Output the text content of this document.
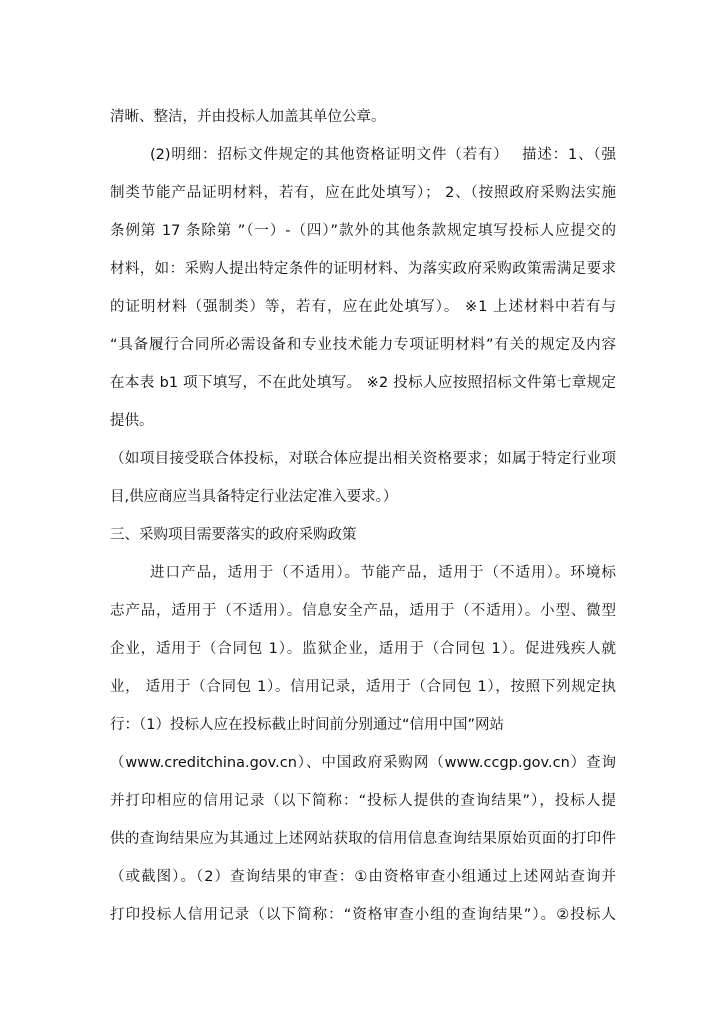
清晰、整洁，并由投标人加盖其单位公章。
(2)明细：招标文件规定的其他资格证明文件（若有）　 描述：1、（强
制类节能产品证明材料，若有，应在此处填写）； 2、（按照政府采购法实施
条例第 17 条除第 ”（一）-（四）”款外的其他条款规定填写投标人应提交的
材料，如：采购人提出特定条件的证明材料、为落实政府采购政策需满足要求
的证明材料（强制类）等，若有，应在此处填写）。 ※1 上述材料中若有与
“具备履行合同所必需设备和专业技术能力专项证明材料”有关的规定及内容
在本表 b1 项下填写，不在此处填写。 ※2 投标人应按照招标文件第七章规定
提供。
（如项目接受联合体投标，对联合体应提出相关资格要求；如属于特定行业项
目,供应商应当具备特定行业法定准入要求。）
三、采购项目需要落实的政府采购政策
进口产品，适用于（不适用）。节能产品，适用于（不适用）。环境标
志产品，适用于（不适用）。信息安全产品，适用于（不适用）。小型、微型
企业，适用于（合同包 1）。监狱企业，适用于（合同包 1）。促进残疾人就
业， 适用于（合同包 1）。信用记录，适用于（合同包 1），按照下列规定执
行：（1）投标人应在投标截止时间前分别通过“信用中国”网站
（www.creditchina.gov.cn）、中国政府采购网（www.ccgp.gov.cn）查询
并打印相应的信用记录（以下简称：“投标人提供的查询结果”），投标人提
供的查询结果应为其通过上述网站获取的信用信息查询结果原始页面的打印件
（或截图）。（2）查询结果的审查：①由资格审查小组通过上述网站查询并
打印投标人信用记录（以下简称：“资格审查小组的查询结果”）。②投标人
